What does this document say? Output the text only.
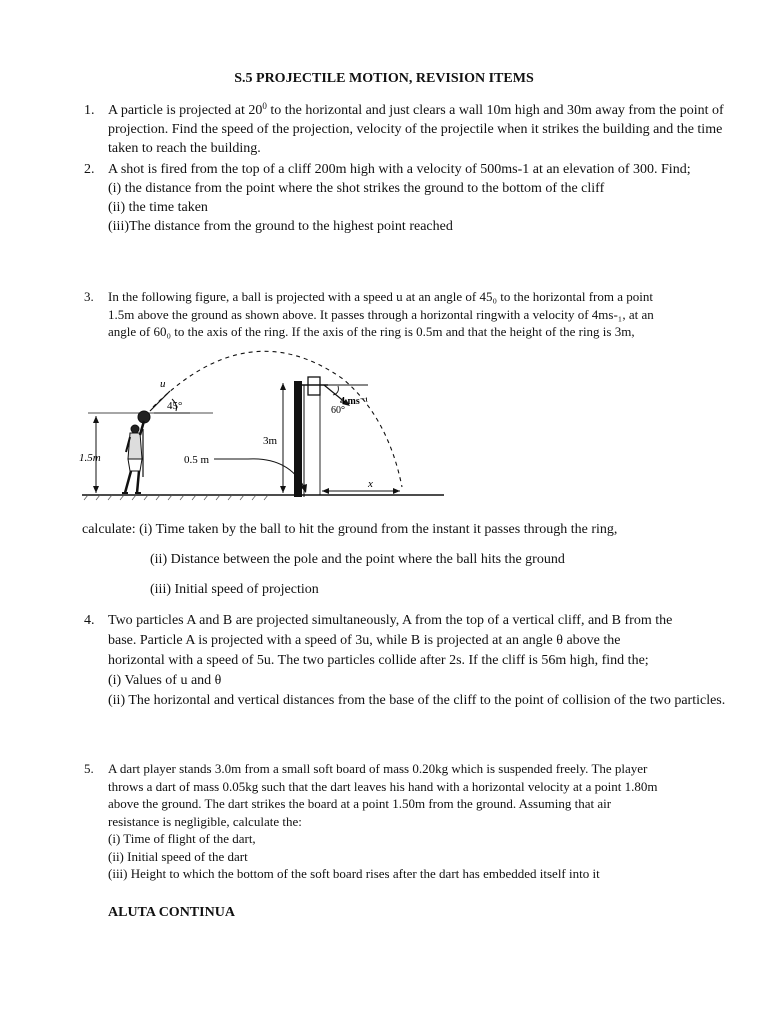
S.5 PROJECTILE MOTION, REVISION ITEMS
1. A particle is projected at $20^0$ to the horizontal and just clears a wall 10m high and 30m away from the point of projection. Find the speed of the projection, velocity of the projectile when it strikes the building and the time taken to reach the building.
2. A shot is fired from the top of a cliff 200m high with a velocity of 500ms-1 at an elevation of 300. Find;
(i) the distance from the point where the shot strikes the ground to the bottom of the cliff
(ii) the time taken
(iii)The distance from the ground to the highest point reached
3. In the following figure, a ball is projected with a speed u at an angle of 45₀ to the horizontal from a point
1.5m above the ground as shown above. It passes through a horizontal ringwith a velocity of 4ms-₁, at an
angle of 60₀ to the axis of the ring. If the axis of the ring is 0.5m and that the height of the ring is 3m,
1.5m
u
45°
3m
0.5 m
4 ms⁻¹
60°
x
calculate: (i) Time taken by the ball to hit the ground from the instant it passes through the ring,
(ii) Distance between the pole and the point where the ball hits the ground
(iii) Initial speed of projection
4. Two particles A and B are projected simultaneously, A from the top of a vertical cliff, and B from the
base. Particle A is projected with a speed of 3u, while B is projected at an angle θ above the
horizontal with a speed of 5u. The two particles collide after 2s. If the cliff is 56m high, find the;
(i) Values of u and θ
(ii) The horizontal and vertical distances from the base of the cliff to the point of collision of the two particles.
5. A dart player stands 3.0m from a small soft board of mass 0.20kg which is suspended freely. The player
throws a dart of mass 0.05kg such that the dart leaves his hand with a horizontal velocity at a point 1.80m
above the ground. The dart strikes the board at a point 1.50m from the ground. Assuming that air
resistance is negligible, calculate the:
(i) Time of flight of the dart,
(ii) Initial speed of the dart
(iii) Height to which the bottom of the soft board rises after the dart has embedded itself into it
ALUTA CONTINUA
